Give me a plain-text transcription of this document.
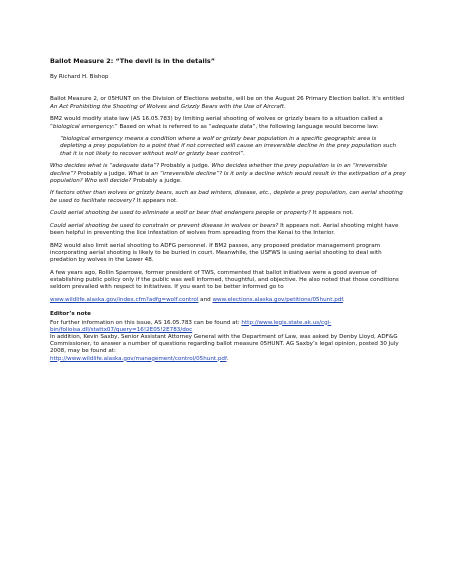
Ballot Measure 2: “The devil is in the details”

By Richard H. Bishop

Ballot Measure 2, or 05HUNT on the Division of Elections website, will be on the August 26 Primary Election ballot. It’s entitled An Act Prohibiting the Shooting of Wolves and Grizzly Bears with the Use of Aircraft.

BM2 would modify state law (AS 16.05.783) by limiting aerial shooting of wolves or grizzly bears to a situation called a “biological emergency:” Based on what is referred to as “adequate data”, the following language would become law:

“biological emergency means a condition where a wolf or grizzly bear population in a specific geographic area is depleting a prey population to a point that if not corrected will cause an irreversible decline in the prey population such that it is not likely to recover without wolf or grizzly bear control”.

Who decides what is “adequate data”? Probably a judge. Who decides whether the prey population is in an “irreversible decline”? Probably a judge. What is an “irreversible decline”? Is it only a decline which would result in the extirpation of a prey population? Who will decide? Probably a judge.

If factors other than wolves or grizzly bears, such as bad winters, disease, etc., deplete a prey population, can aerial shooting be used to facilitate recovery? It appears not.

Could aerial shooting be used to eliminate a wolf or bear that endangers people or property? It appears not.

Could aerial shooting be used to constrain or prevent disease in wolves or bears? It appears not. Aerial shooting might have been helpful in preventing the lice infestation of wolves from spreading from the Kenai to the Interior.

BM2 would also limit aerial shooting to ADFG personnel. If BM2 passes, any proposed predator management program incorporating aerial shooting is likely to be buried in court. Meanwhile, the USFWS is using aerial shooting to deal with predation by wolves in the Lower 48.

A few years ago, Rollin Sparrowe, former president of TWS, commented that ballot initiatives were a good avenue of establishing public policy only if the public was well informed, thoughtful, and objective. He also noted that those conditions seldom prevailed with respect to initiatives. If you want to be better informed go to

www.wildlife.alaska.gov/index.cfm?adfg=wolf.control and www.elections.alaska.gov/petitions/05hunt.pdf.

Editor’s note

For further information on this issue, AS 16.05.783 can be found at: http://www.legis.state.ak.us/cgi-bin/folioisa.dll/stattx07/query=16!2E05!2E783/doc

In addition, Kevin Saxby, Senior Assistant Attorney General with the Department of Law, was asked by Denby Lloyd, ADF&G Commissioner, to answer a number of questions regarding ballot measure 05HUNT. AG Saxby’s legal opinion, posted 30 July 2008, may be found at:

http://www.wildlife.alaska.gov/management/control/05hunt.pdf.
